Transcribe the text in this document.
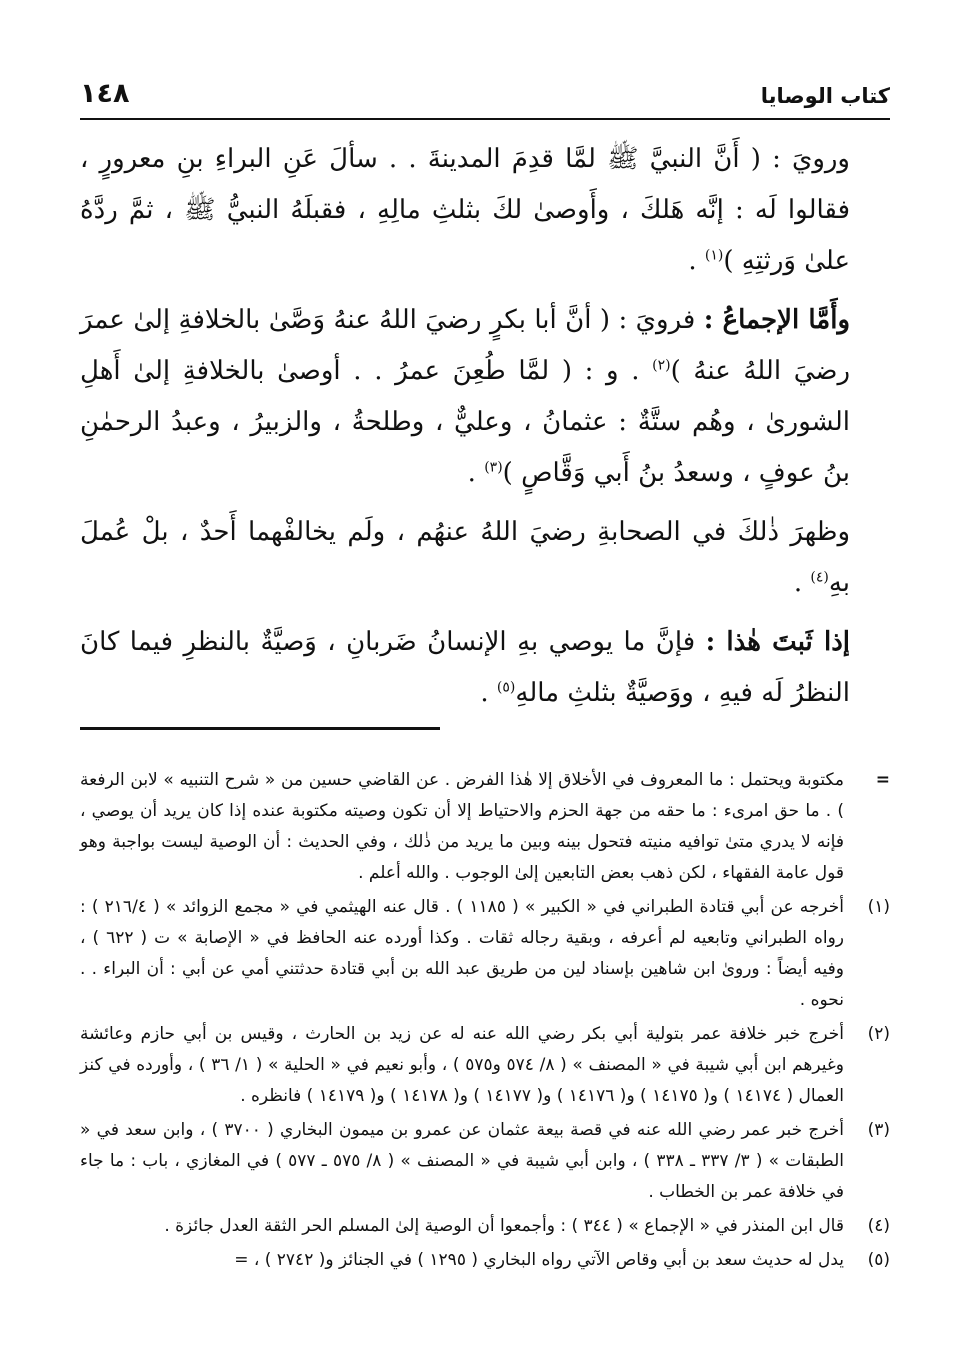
كتاب الوصايا
١٤٨

ورويَ : ( أَنَّ النبيَّ ﷺ لمَّا قدِمَ المدينةَ . . سألَ عَنِ البراءِ بنِ معرورٍ ، فقالوا لَه : إنَّه هَلكَ ، وأَوصىٰ لكَ بثلثِ مالِهِ ، فقبلَهُ النبيُّ ﷺ ، ثمَّ ردَّهُ علىٰ وَرثتِهِ )$^{(١)}$ .

وأَمَّا الإجماعُ : فرويَ : ( أنَّ أبا بكرٍ رضيَ اللهُ عنهُ وَصَّىٰ بالخلافةِ إلىٰ عمرَ رضيَ اللهُ عنهُ )$^{(٢)}$ . و : ( لمَّا طُعِنَ عمرُ . . أوصىٰ بالخلافةِ إلىٰ أَهلِ الشورىٰ ، وهُم ستَّةٌ : عثمانُ ، وعليٌّ ، وطلحةُ ، والزبيرُ ، وعبدُ الرحمٰنِ بنُ عوفٍ ، وسعدُ بنُ أَبي وَقَّاصٍ )$^{(٣)}$ .

وظهرَ ذٰلكَ في الصحابةِ رضيَ اللهُ عنهُم ، ولَم يخالفْهما أَحدٌ ، بلْ عُملَ بهِ$^{(٤)}$ .

إذا ثَبتَ هٰذا : فإنَّ ما يوصي بهِ الإنسانُ ضَربانِ ، وَصيَّةٌ بالنظرِ فيما كانَ النظرُ لَه فيهِ ، ووَصيَّةٌ بثلثِ مالهِ$^{(٥)}$ .

=
مكتوبة ويحتمل : ما المعروف في الأخلاق إلا هٰذا الفرض . عن القاضي حسين من « شرح التنبيه » لابن الرفعة ) . ما حق امرىء : ما حقه من جهة الحزم والاحتياط إلا أن تكون وصيته مكتوبة عنده إذا كان يريد أن يوصي ، فإنه لا يدري متىٰ توافيه منيته فتحول بينه وبين ما يريد من ذٰلك ، وفي الحديث : أن الوصية ليست بواجبة وهو قول عامة الفقهاء ، لكن ذهب بعض التابعين إلىٰ الوجوب . والله أعلم .
(١)
أخرجه عن أبي قتادة الطبراني في « الكبير » ( ١١٨٥ ) . قال عنه الهيثمي في « مجمع الزوائد » ( ٢١٦/٤ ) : رواه الطبراني وتابعيه لم أعرفه ، وبقية رجاله ثقات . وكذا أورده عنه الحافظ في « الإصابة » ت ( ٦٢٢ ) ، وفيه أيضاً : وروىٰ ابن شاهين بإسناد لين من طريق عبد الله بن أبي قتادة حدثتني أمي عن أبي : أن البراء . . نحوه .
(٢)
أخرج خبر خلافة عمر بتولية أبي بكر رضي الله عنه له عن زيد بن الحارث ، وقيس بن أبي حازم وعائشة وغيرهم ابن أبي شيبة في « المصنف » ( ٨/ ٥٧٤ و٥٧٥ ) ، وأبو نعيم في « الحلية » ( ١/ ٣٦ ) ، وأورده في كنز العمال ( ١٤١٧٤ ) و( ١٤١٧٥ ) و( ١٤١٧٦ ) و( ١٤١٧٧ ) و( ١٤١٧٨ ) و( ١٤١٧٩ ) فانظره .
(٣)
أخرج خبر عمر رضي الله عنه في قصة بيعة عثمان عن عمرو بن ميمون البخاري ( ٣٧٠٠ ) ، وابن سعد في « الطبقات » ( ٣/ ٣٣٧ ـ ٣٣٨ ) ، وابن أبي شيبة في « المصنف » ( ٨/ ٥٧٥ ـ ٥٧٧ ) في المغازي ، باب : ما جاء في خلافة عمر بن الخطاب .
(٤)
قال ابن المنذر في « الإجماع » ( ٣٤٤ ) : وأجمعوا أن الوصية إلىٰ المسلم الحر الثقة العدل جائزة .
(٥)
يدل له حديث سعد بن أبي وقاص الآتي رواه البخاري ( ١٢٩٥ ) في الجنائز و( ٢٧٤٢ ) ، =
